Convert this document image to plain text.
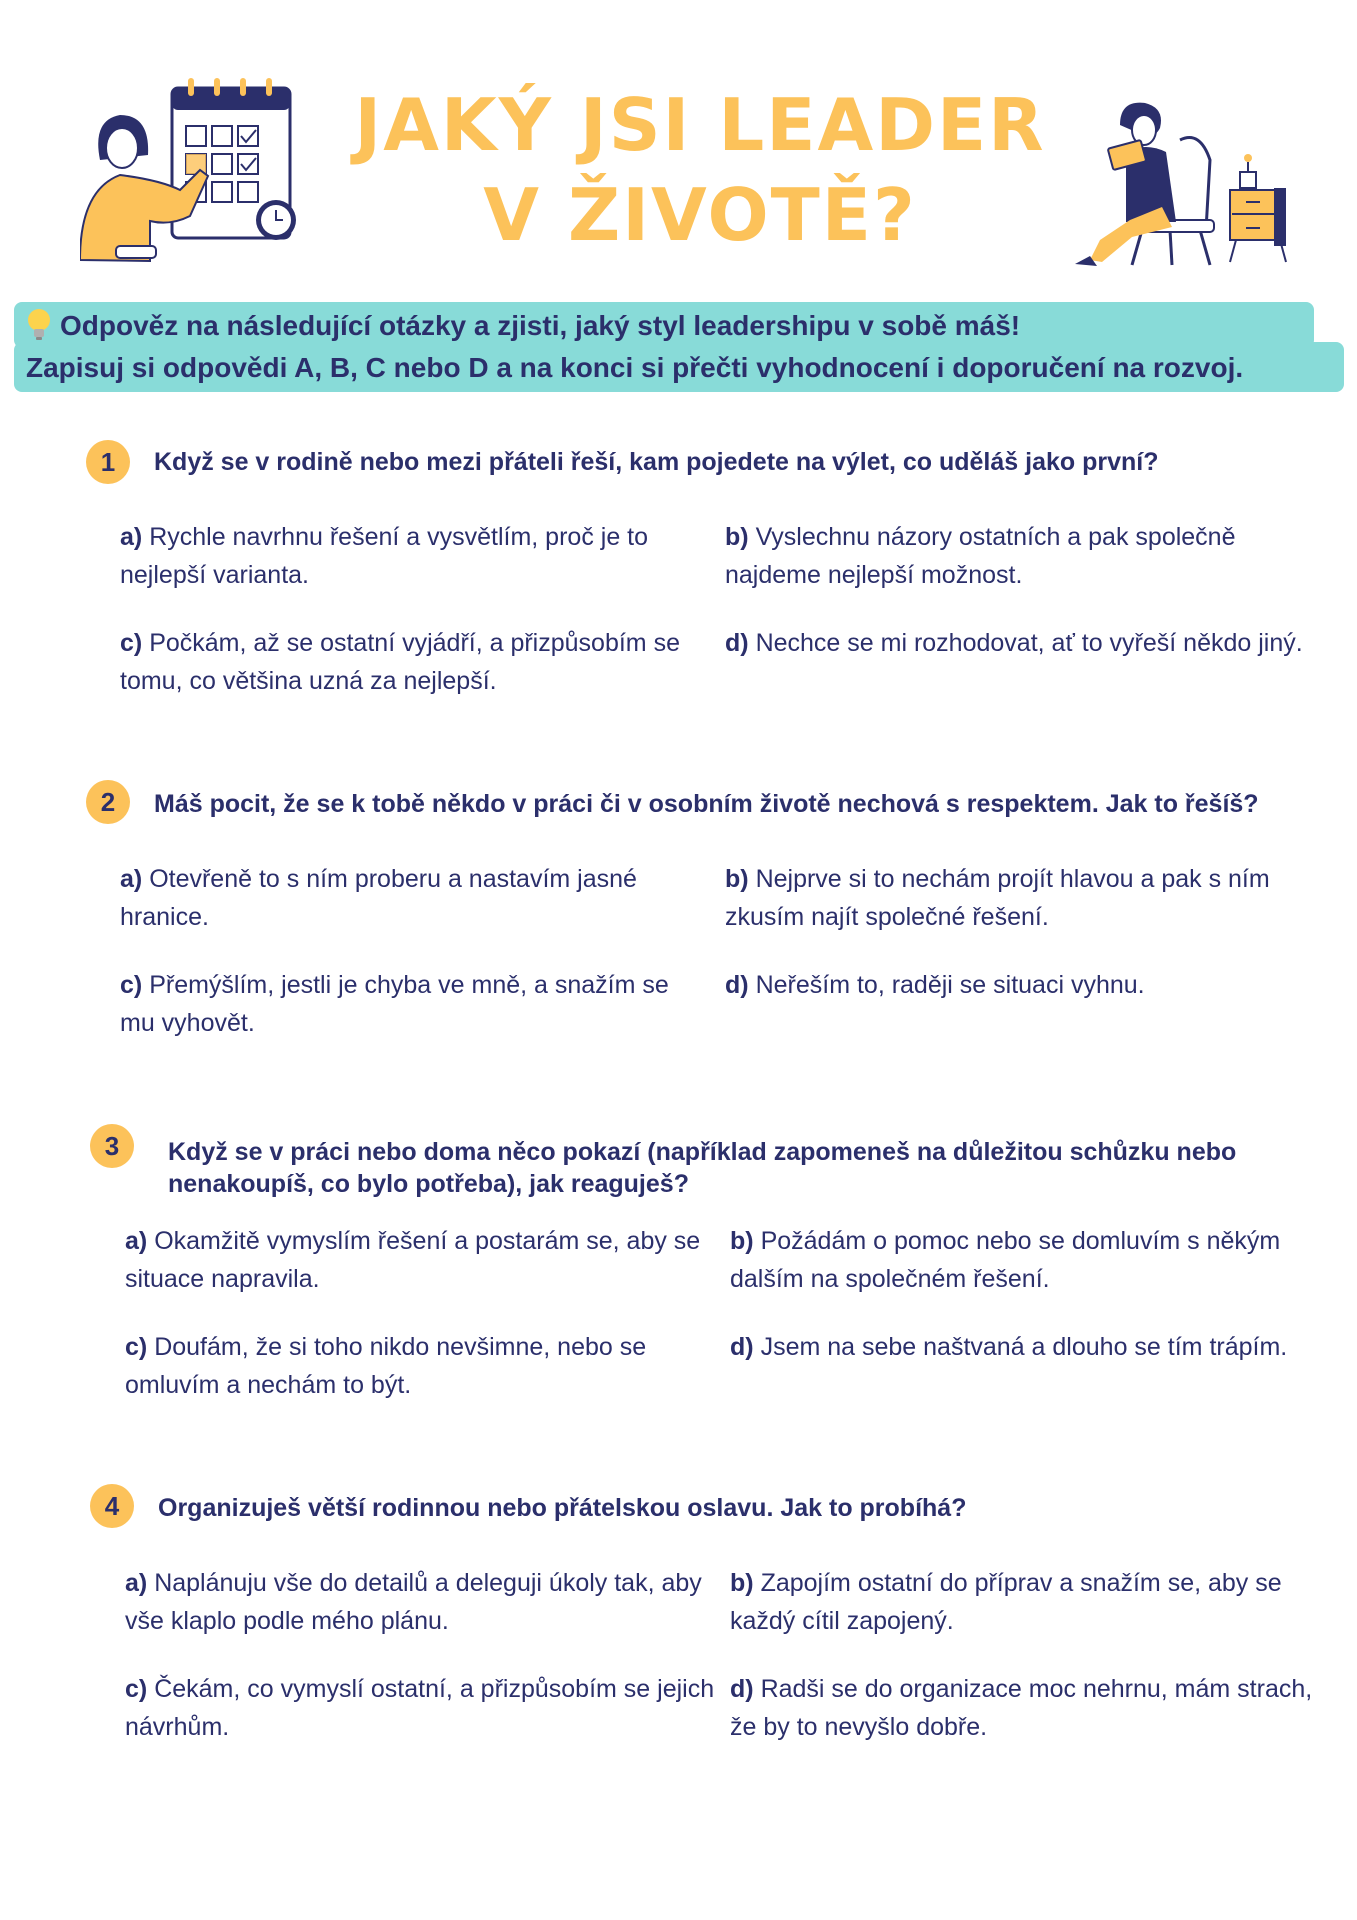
JAKÝ JSI LEADER
V ŽIVOTĚ?
Odpověz na následující otázky a zjisti, jaký styl leadershipu v sobě máš!
Zapisuj si odpovědi A, B, C nebo D a na konci si přečti vyhodnocení i doporučení na rozvoj.
1	Když se v rodině nebo mezi přáteli řeší, kam pojedete na výlet, co uděláš jako první?
a) Rychle navrhnu řešení a vysvětlím, proč je to nejlepší varianta.
b) Vyslechnu názory ostatních a pak společně najdeme nejlepší možnost.
c) Počkám, až se ostatní vyjádří, a přizpůsobím se tomu, co většina uzná za nejlepší.
d) Nechce se mi rozhodovat, ať to vyřeší někdo jiný.
2	Máš pocit, že se k tobě někdo v práci či v osobním životě nechová s respektem. Jak to řešíš?
a) Otevřeně to s ním proberu a nastavím jasné hranice.
b) Nejprve si to nechám projít hlavou a pak s ním zkusím najít společné řešení.
c) Přemýšlím, jestli je chyba ve mně, a snažím se mu vyhovět.
d) Neřeším to, raději se situaci vyhnu.
3	Když se v práci nebo doma něco pokazí (například zapomeneš na důležitou schůzku nebo nenakoupíš, co bylo potřeba), jak reaguješ?
a) Okamžitě vymyslím řešení a postarám se, aby se situace napravila.
b) Požádám o pomoc nebo se domluvím s někým dalším na společném řešení.
c) Doufám, že si toho nikdo nevšimne, nebo se omluvím a nechám to být.
d) Jsem na sebe naštvaná a dlouho se tím trápím.
4	Organizuješ větší rodinnou nebo přátelskou oslavu. Jak to probíhá?
a) Naplánuju vše do detailů a deleguji úkoly tak, aby vše klaplo podle mého plánu.
b) Zapojím ostatní do příprav a snažím se, aby se každý cítil zapojený.
c) Čekám, co vymyslí ostatní, a přizpůsobím se jejich návrhům.
d) Radši se do organizace moc nehrnu, mám strach, že by to nevyšlo dobře.
